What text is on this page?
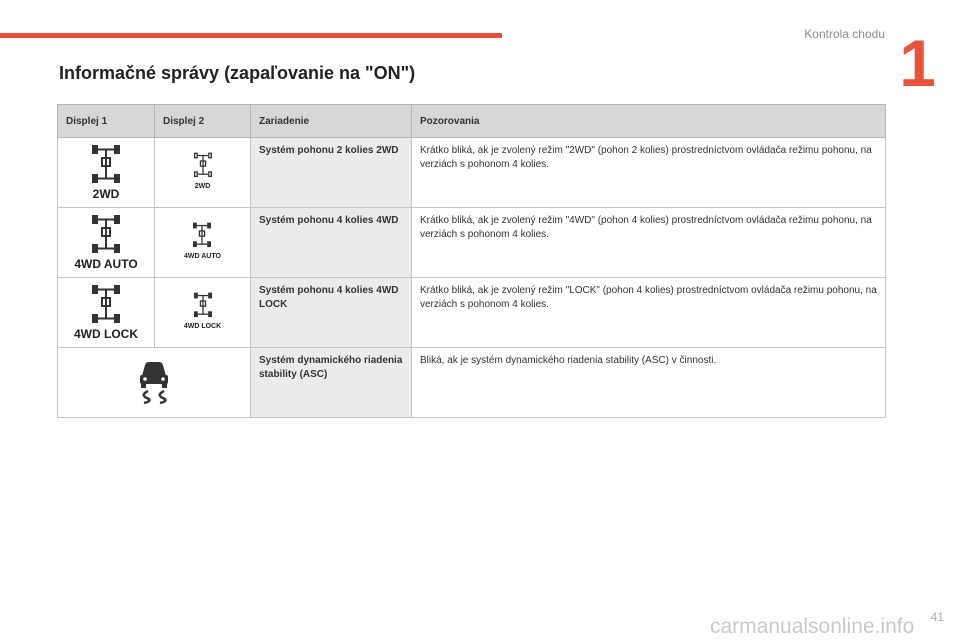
Kontrola chodu 1
Informačné správy (zapaľovanie na "ON")
Displej 1	Displej 2	Zariadenie	Pozorovania

2WD	2WD	Systém pohonu 2 kolies 2WD	Krátko bliká, ak je zvolený režim "2WD" (pohon 2 kolies) prostredníctvom ovládača režimu pohonu, na verziách s pohonom 4 kolies.

4WD AUTO	4WD AUTO	Systém pohonu 4 kolies 4WD	Krátko bliká, ak je zvolený režim "4WD" (pohon 4 kolies) prostredníctvom ovládača režimu pohonu, na verziách s pohonom 4 kolies.

4WD LOCK	4WD LOCK	Systém pohonu 4 kolies 4WD LOCK	Krátko bliká, ak je zvolený režim "LOCK" (pohon 4 kolies) prostredníctvom ovládača režimu pohonu, na verziách s pohonom 4 kolies.
	Systém dynamického riadenia stability (ASC)	Bliká, ak je systém dynamického riadenia stability (ASC) v činnosti.
carmanualsonline.info 41
